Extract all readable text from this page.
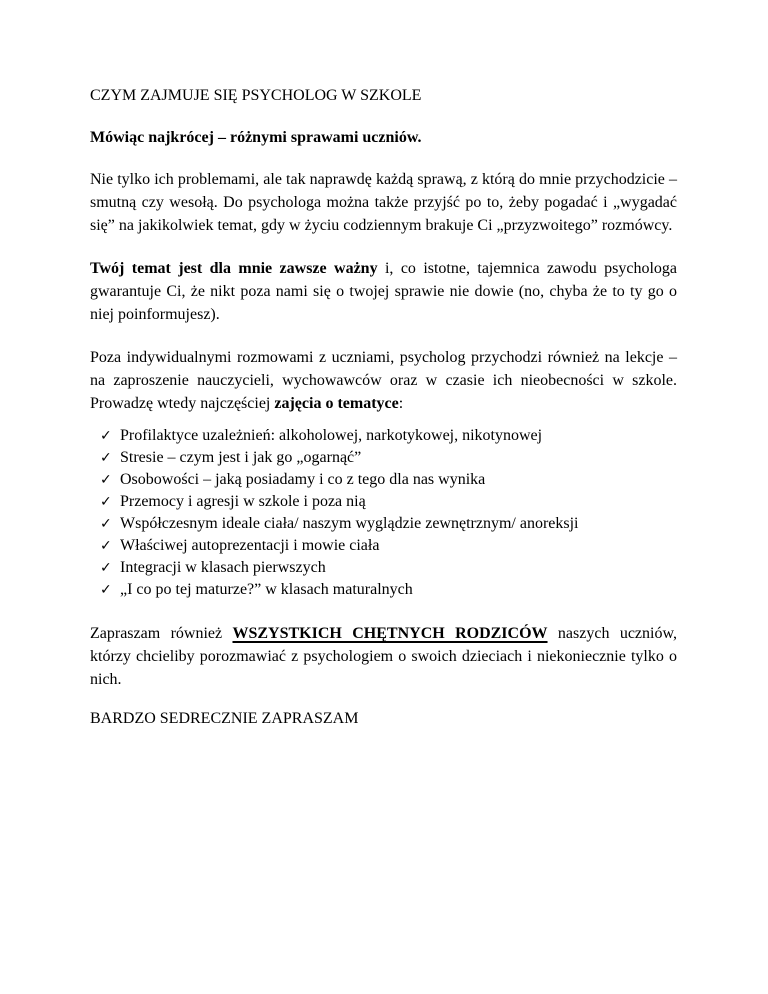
CZYM ZAJMUJE SIĘ PSYCHOLOG W SZKOLE

Mówiąc najkrócej – różnymi sprawami uczniów.

Nie tylko ich problemami, ale tak naprawdę każdą sprawą, z którą do mnie przychodzicie – smutną czy wesołą. Do psychologa można także przyjść po to, żeby pogadać i „wygadać się” na jakikolwiek temat, gdy w życiu codziennym brakuje Ci „przyzwoitego” rozmówcy.

Twój temat jest dla mnie zawsze ważny i, co istotne, tajemnica zawodu psychologa gwarantuje Ci, że nikt poza nami się o twojej sprawie nie dowie (no, chyba że to ty go o niej poinformujesz).

Poza indywidualnymi rozmowami z uczniami, psycholog przychodzi również na lekcje – na zaproszenie nauczycieli, wychowawców oraz w czasie ich nieobecności w szkole. Prowadzę wtedy najczęściej zajęcia o tematyce:

✓ Profilaktyce uzależnień: alkoholowej, narkotykowej, nikotynowej
✓ Stresie – czym jest i jak go „ogarnąć”
✓ Osobowości – jaką posiadamy i co z tego dla nas wynika
✓ Przemocy i agresji w szkole i poza nią
✓ Współczesnym ideale ciała/ naszym wyglądzie zewnętrznym/ anoreksji
✓ Właściwej autoprezentacji i mowie ciała
✓ Integracji w klasach pierwszych
✓ „I co po tej maturze?” w klasach maturalnych

Zapraszam również WSZYSTKICH CHĘTNYCH RODZICÓW naszych uczniów, którzy chcieliby porozmawiać z psychologiem o swoich dzieciach i niekoniecznie tylko o nich.

BARDZO SEDRECZNIE ZAPRASZAM
